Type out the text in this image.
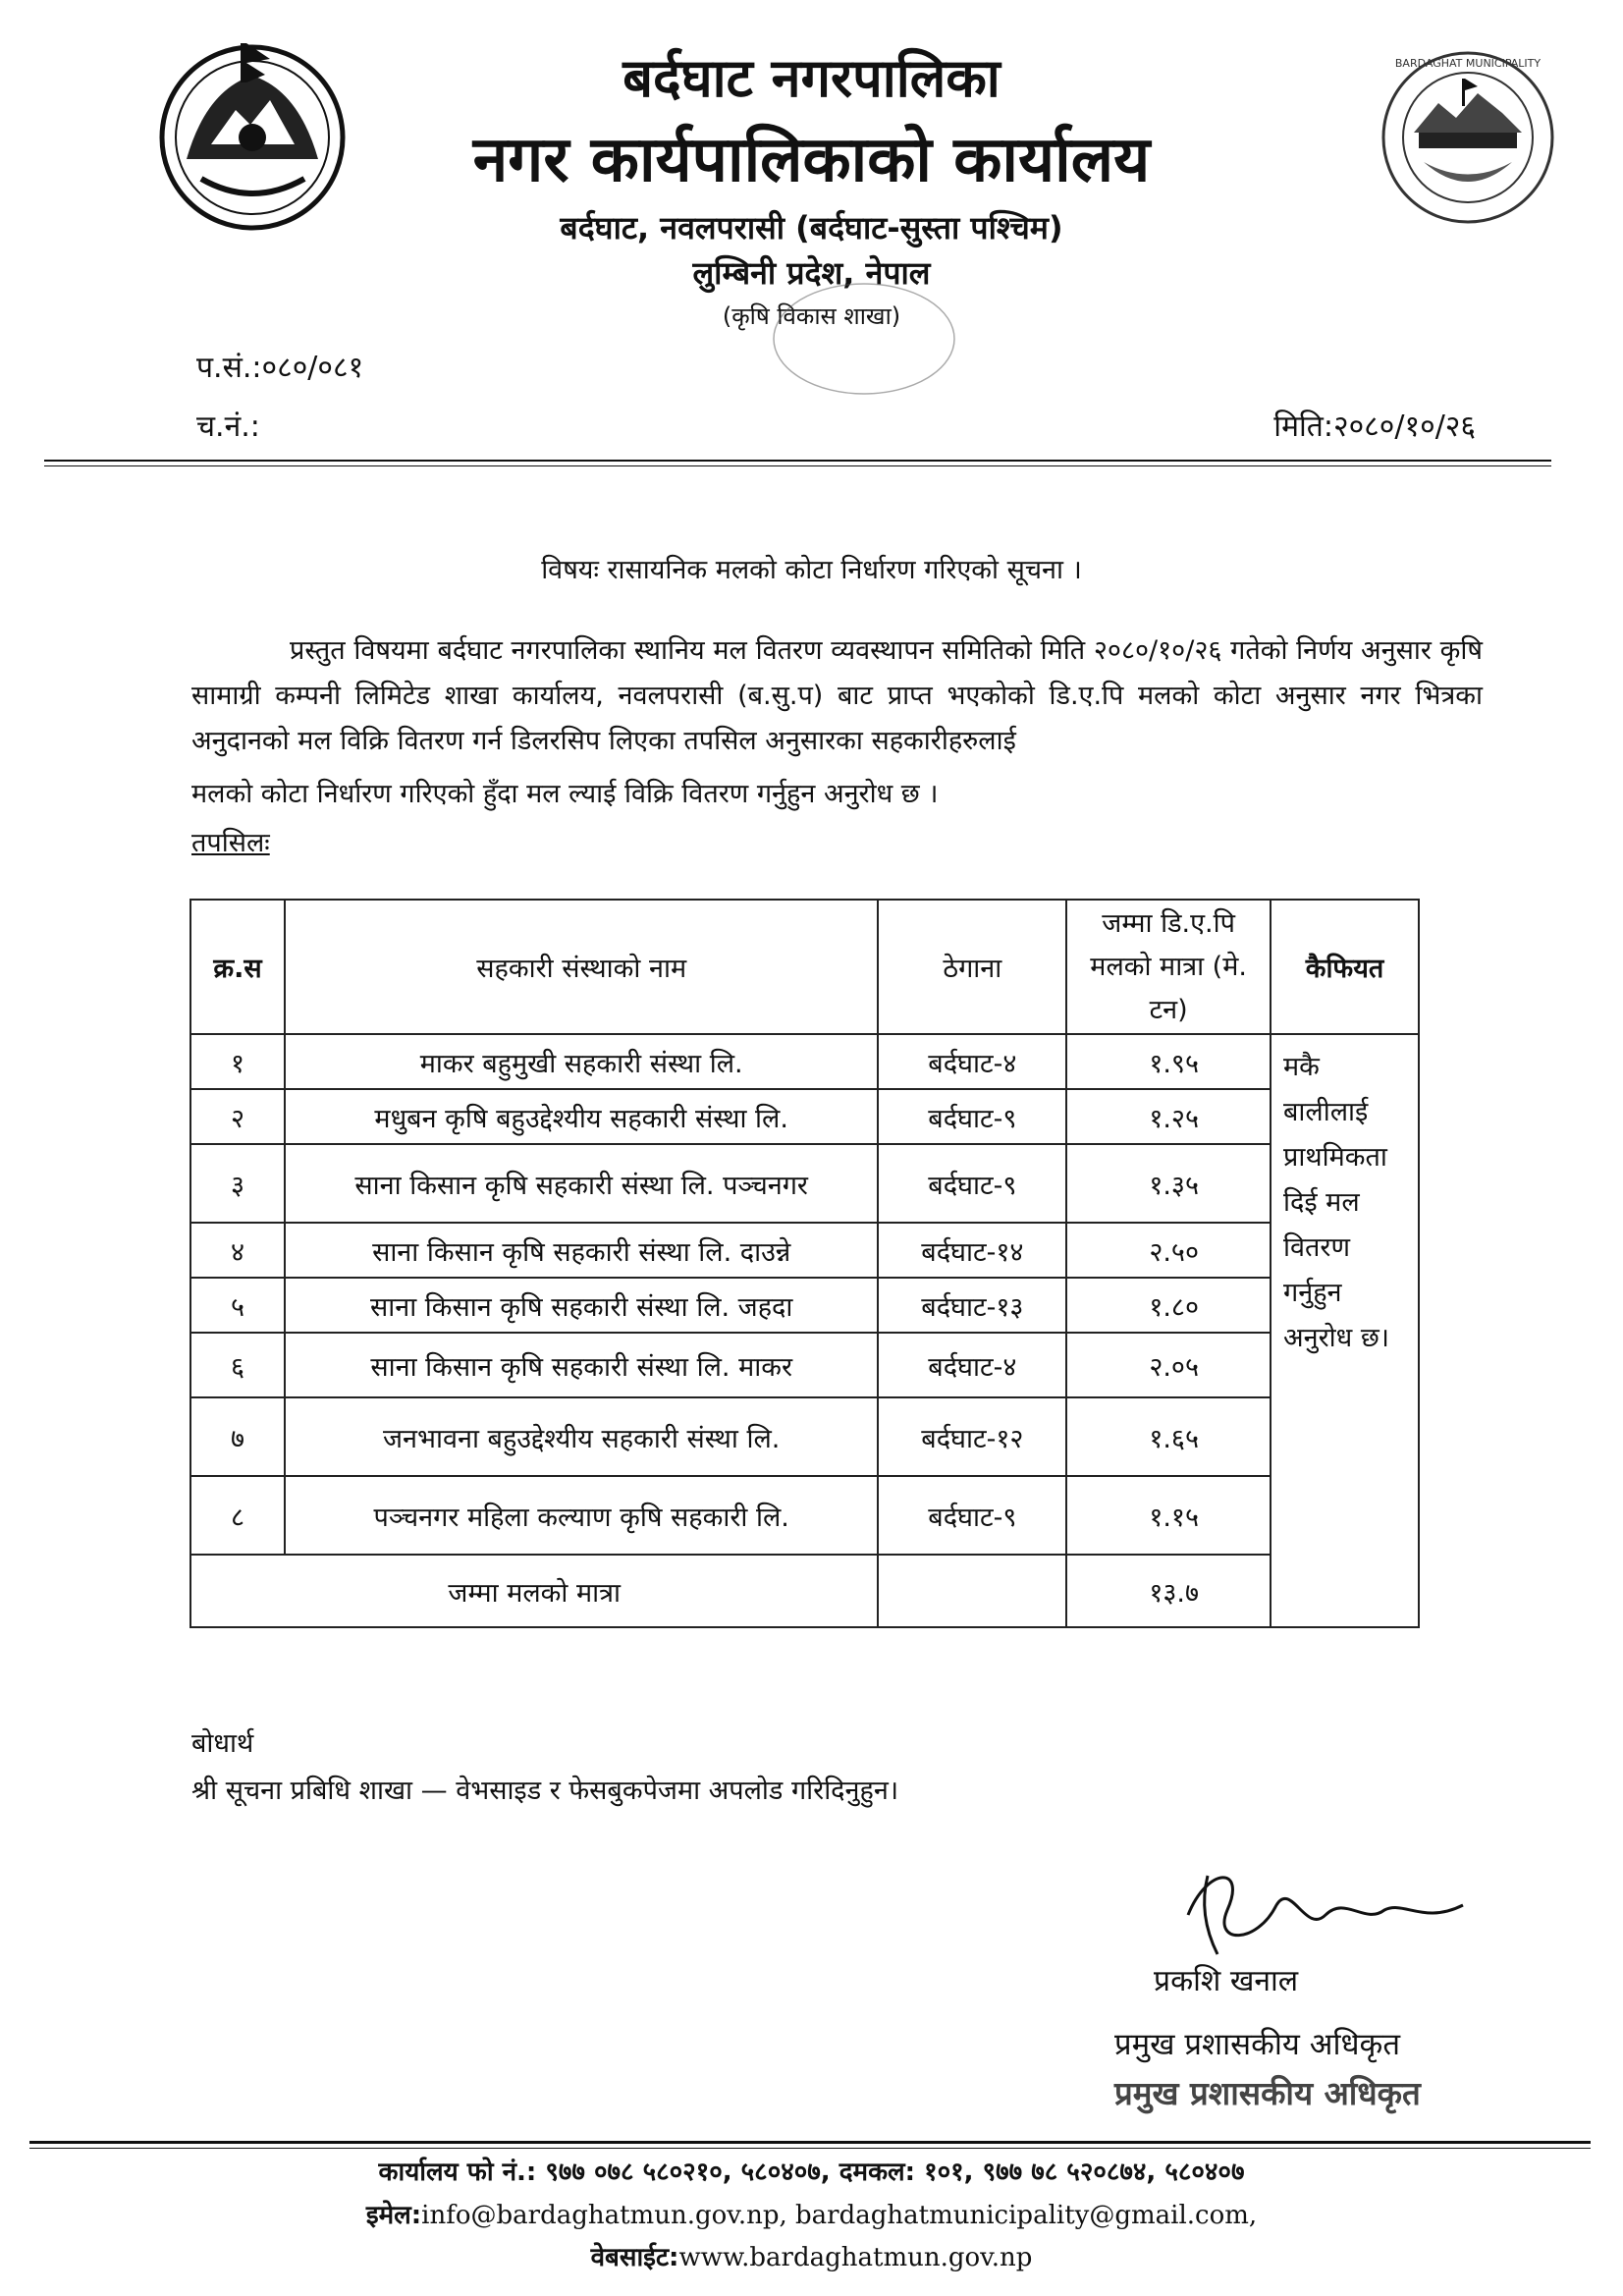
BARDAGHAT MUNICIPALITY
बर्दघाट नगरपालिका
नगर कार्यपालिकाको कार्यालय
बर्दघाट, नवलपरासी (बर्दघाट-सुस्ता पश्चिम)
लुम्बिनी प्रदेश, नेपाल
(कृषि विकास शाखा)
प.सं.:०८०/०८१
च.नं.:	मिति:२०८०/१०/२६
विषयः रासायनिक मलको कोटा निर्धारण गरिएको सूचना ।
प्रस्तुत विषयमा बर्दघाट नगरपालिका स्थानिय मल वितरण व्यवस्थापन समितिको मिति २०८०/१०/२६ गतेको निर्णय अनुसार कृषि सामाग्री कम्पनी लिमिटेड शाखा कार्यालय, नवलपरासी (ब.सु.प) बाट प्राप्त भएकोको डि.ए.पि मलको कोटा अनुसार नगर भित्रका अनुदानको मल विक्रि वितरण गर्न डिलरसिप लिएका तपसिल अनुसारका सहकारीहरुलाई
मलको कोटा निर्धारण गरिएको हुँदा मल ल्याई विक्रि वितरण गर्नुहुन अनुरोध छ ।
तपसिलः
क्र.स	सहकारी संस्थाको नाम	ठेगाना	जम्मा डि.ए.पि मलको मात्रा (मे. टन)	कैफियत
१	माकर बहुमुखी सहकारी संस्था लि.	बर्दघाट-४	१.९५	मकै बालीलाई प्राथमिकता दिई मल वितरण गर्नुहुन अनुरोध छ।
२	मधुबन कृषि बहुउद्देश्यीय सहकारी संस्था लि.	बर्दघाट-९	१.२५	
३	साना किसान कृषि सहकारी संस्था लि. पञ्चनगर	बर्दघाट-९	१.३५	
४	साना किसान कृषि सहकारी संस्था लि. दाउन्ने	बर्दघाट-१४	२.५०	
५	साना किसान कृषि सहकारी संस्था लि. जहदा	बर्दघाट-१३	१.८०	
६	साना किसान कृषि सहकारी संस्था लि. माकर	बर्दघाट-४	२.०५	
७	जनभावना बहुउद्देश्यीय सहकारी संस्था लि.	बर्दघाट-१२	१.६५	
८	पञ्चनगर महिला कल्याण कृषि सहकारी लि.	बर्दघाट-९	१.१५	
जम्मा मलको मात्रा			१३.७	
बोधार्थ
श्री सूचना प्रबिधि शाखा — वेभसाइड र फेसबुकपेजमा अपलोड गरिदिनुहुन।
प्रकशि खनाल
प्रमुख प्रशासकीय अधिकृत
प्रमुख प्रशासकीय अधिकृत
कार्यालय फो नं.: ९७७ ०७८ ५८०२१०, ५८०४०७, दमकल: १०१, ९७७ ७८ ५२०८७४, ५८०४०७
इमेल:info@bardaghatmun.gov.np, bardaghatmunicipality@gmail.com,
वेबसाईट:www.bardaghatmun.gov.np
